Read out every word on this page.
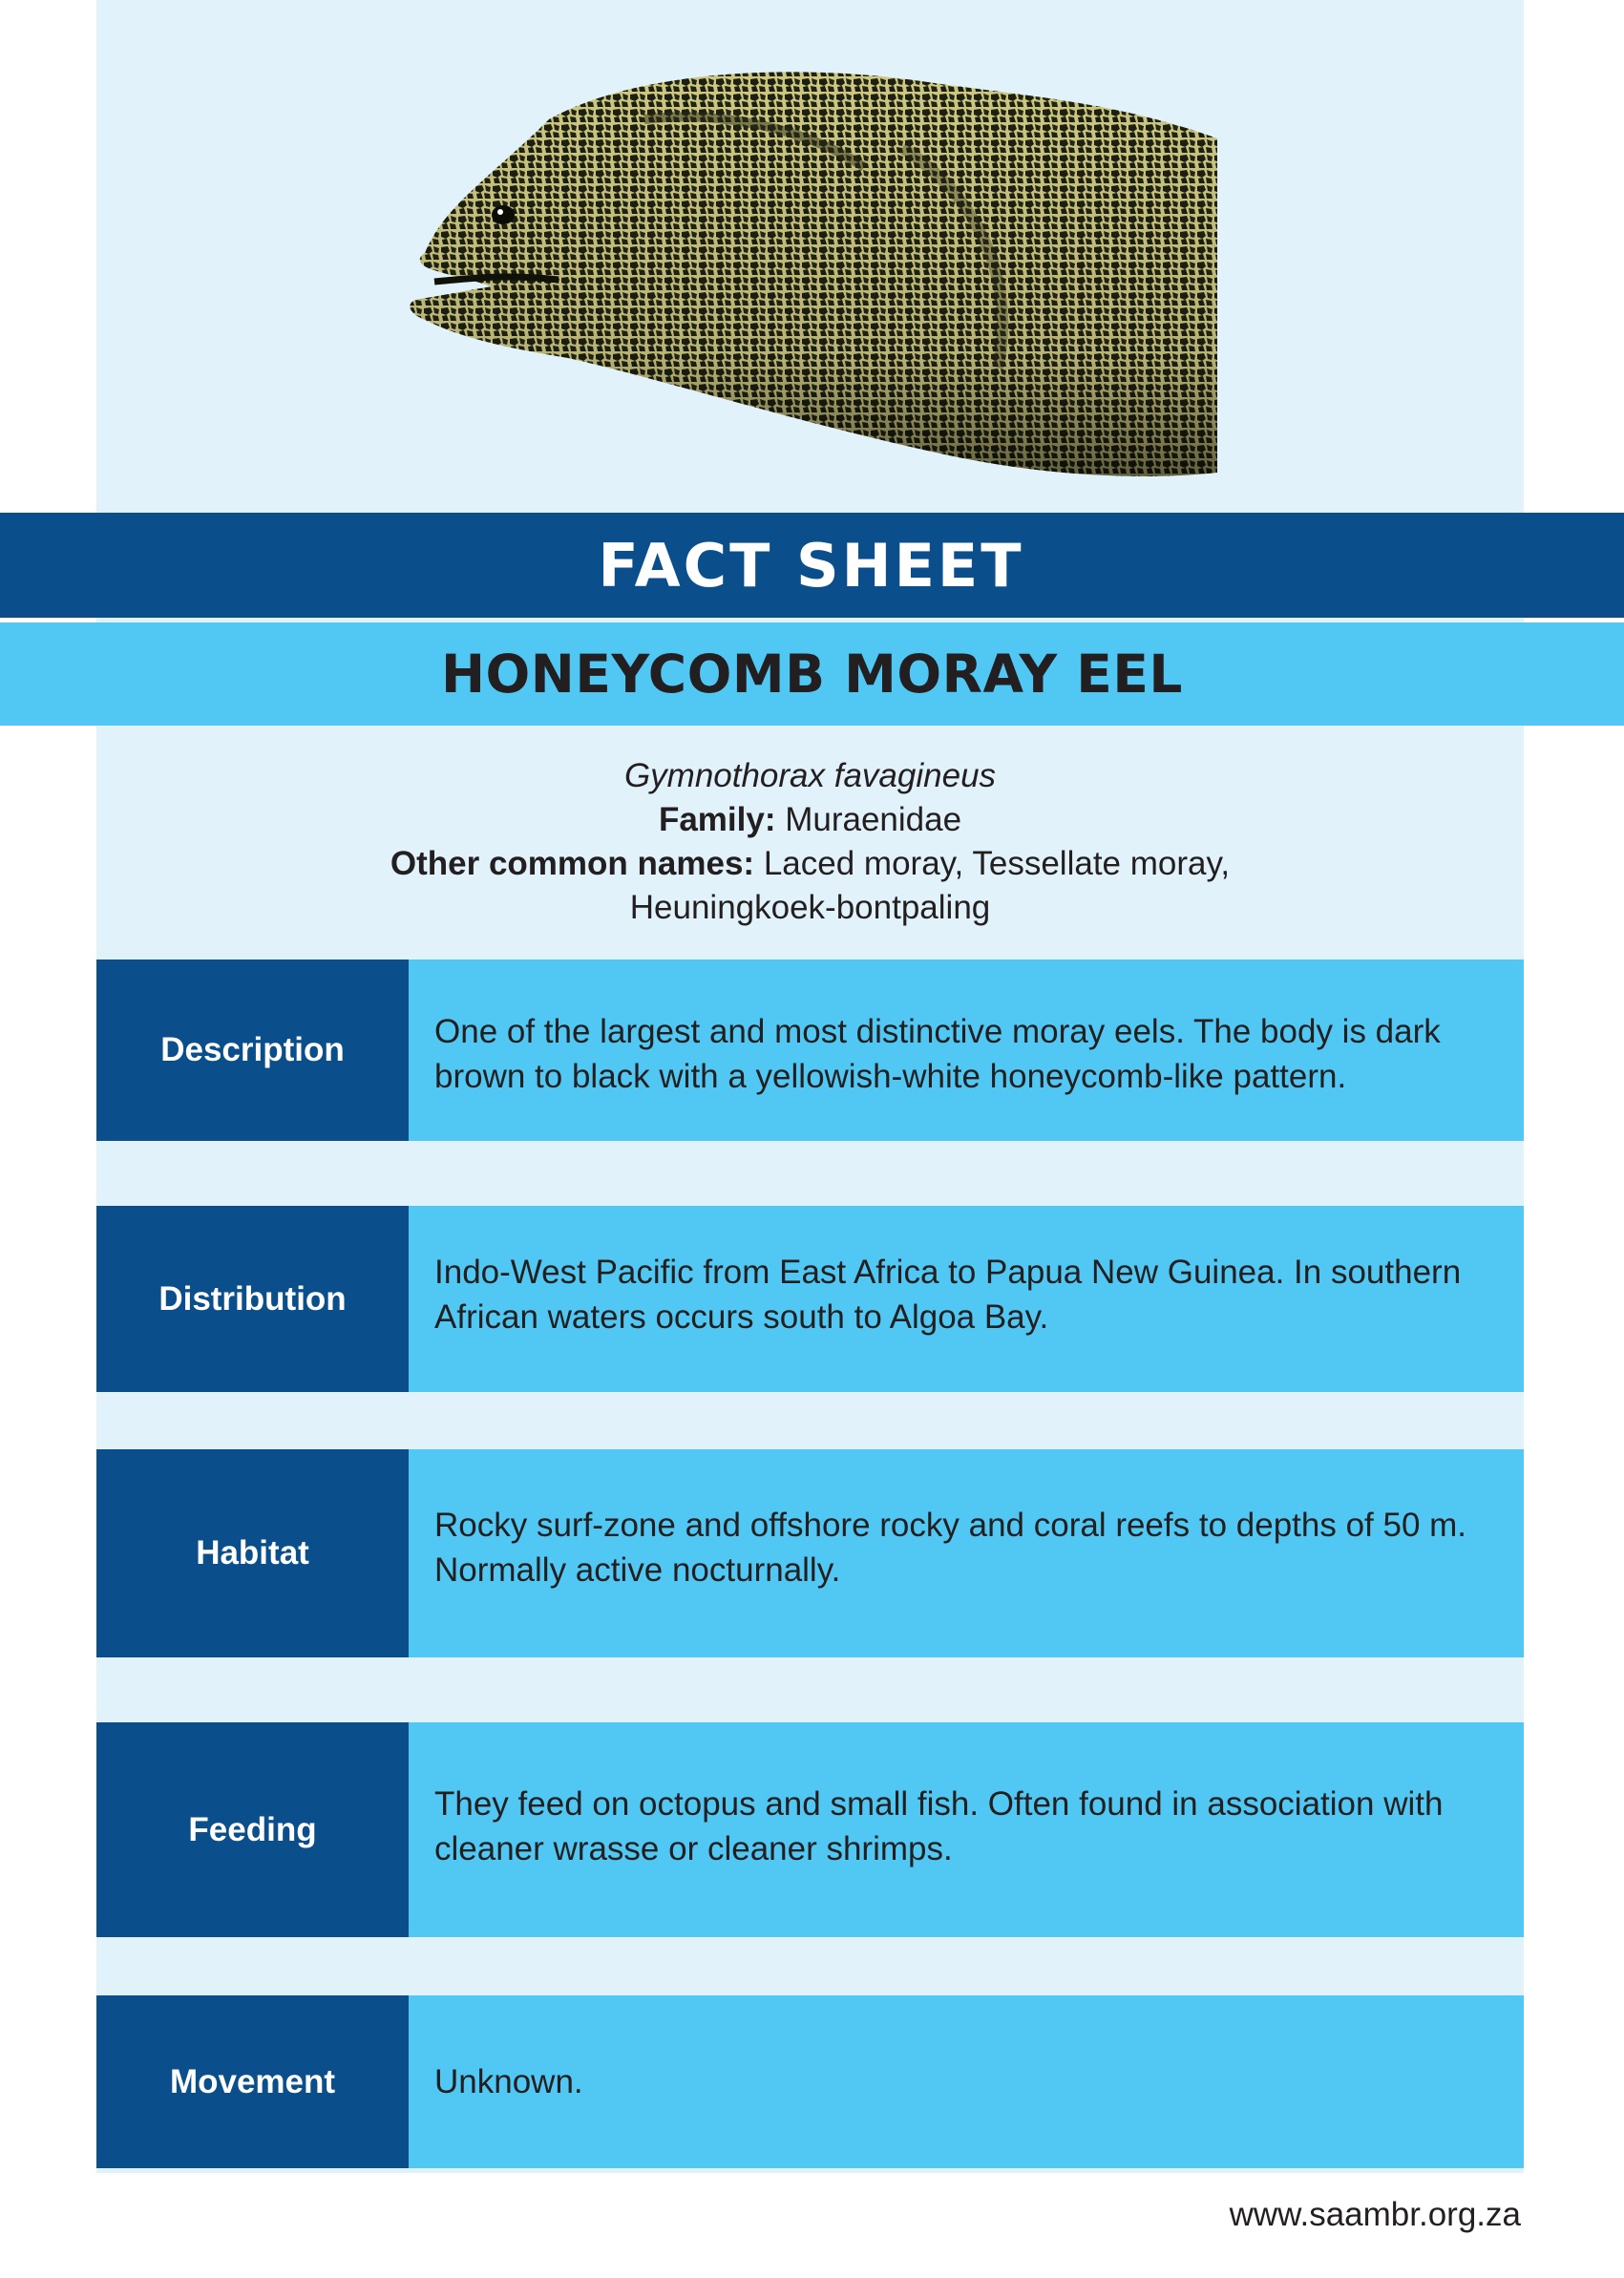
FACT SHEET
HONEYCOMB MORAY EEL
Gymnothorax favagineus
Family: Muraenidae
Other common names: Laced moray, Tessellate moray,
Heuningkoek-bontpaling
Description	One of the largest and most distinctive moray eels. The body is dark brown to black with a yellowish-white honeycomb-like pattern.
Distribution
Indo-West Pacific from East Africa to Papua New Guinea. In southern African waters occurs south to Algoa Bay.
Habitat
Rocky surf-zone and offshore rocky and coral reefs to depths of 50 m. Normally active nocturnally.
Feeding
They feed on octopus and small fish. Often found in association with cleaner wrasse or cleaner shrimps.
Movement	Unknown.
www.saambr.org.za
